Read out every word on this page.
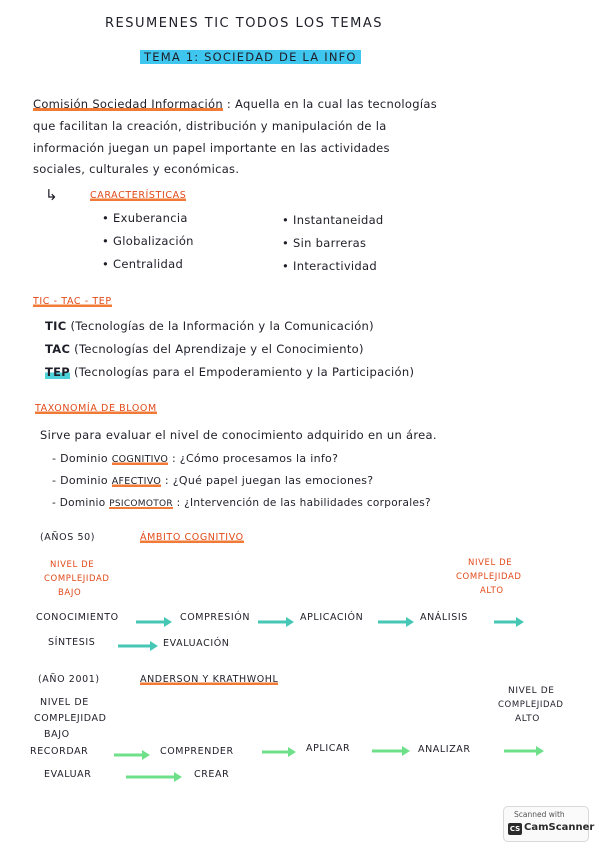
RESUMENES TIC TODOS LOS TEMAS
TEMA 1: SOCIEDAD DE LA INFO
Comisión Sociedad Información : Aquella en la cual las tecnologías
que facilitan la creación, distribución y manipulación de la
información juegan un papel importante en las actividades
sociales, culturales y económicas.
↳	CARACTERÍSTICAS
• Exuberancia
• Globalización
• Centralidad
• Instantaneidad
• Sin barreras
• Interactividad
TIC - TAC - TEP
TIC (Tecnologías de la Información y la Comunicación)
TAC (Tecnologías del Aprendizaje y el Conocimiento)
TEP (Tecnologías para el Empoderamiento y la Participación)
TAXONOMÍA DE BLOOM
Sirve para evaluar el nivel de conocimiento adquirido en un área.
- Dominio COGNITIVO : ¿Cómo procesamos la info?
- Dominio AFECTIVO : ¿Qué papel juegan las emociones?
- Dominio PSICOMOTOR : ¿Intervención de las habilidades corporales?
(AÑOS 50)	ÁMBITO COGNITIVO
NIVEL DE
COMPLEJIDAD
BAJO
NIVEL DE
COMPLEJIDAD
ALTO
CONOCIMIENTO	COMPRESIÓN	APLICACIÓN	ANÁLISIS
SÍNTESIS	EVALUACIÓN
(AÑO 2001)	ANDERSON Y KRATHWOHL
NIVEL DE
COMPLEJIDAD
BAJO
NIVEL DE
COMPLEJIDAD
ALTO
RECORDAR	COMPRENDER	APLICAR	ANALIZAR
EVALUAR	CREAR
Scanned with
CS CamScanner
